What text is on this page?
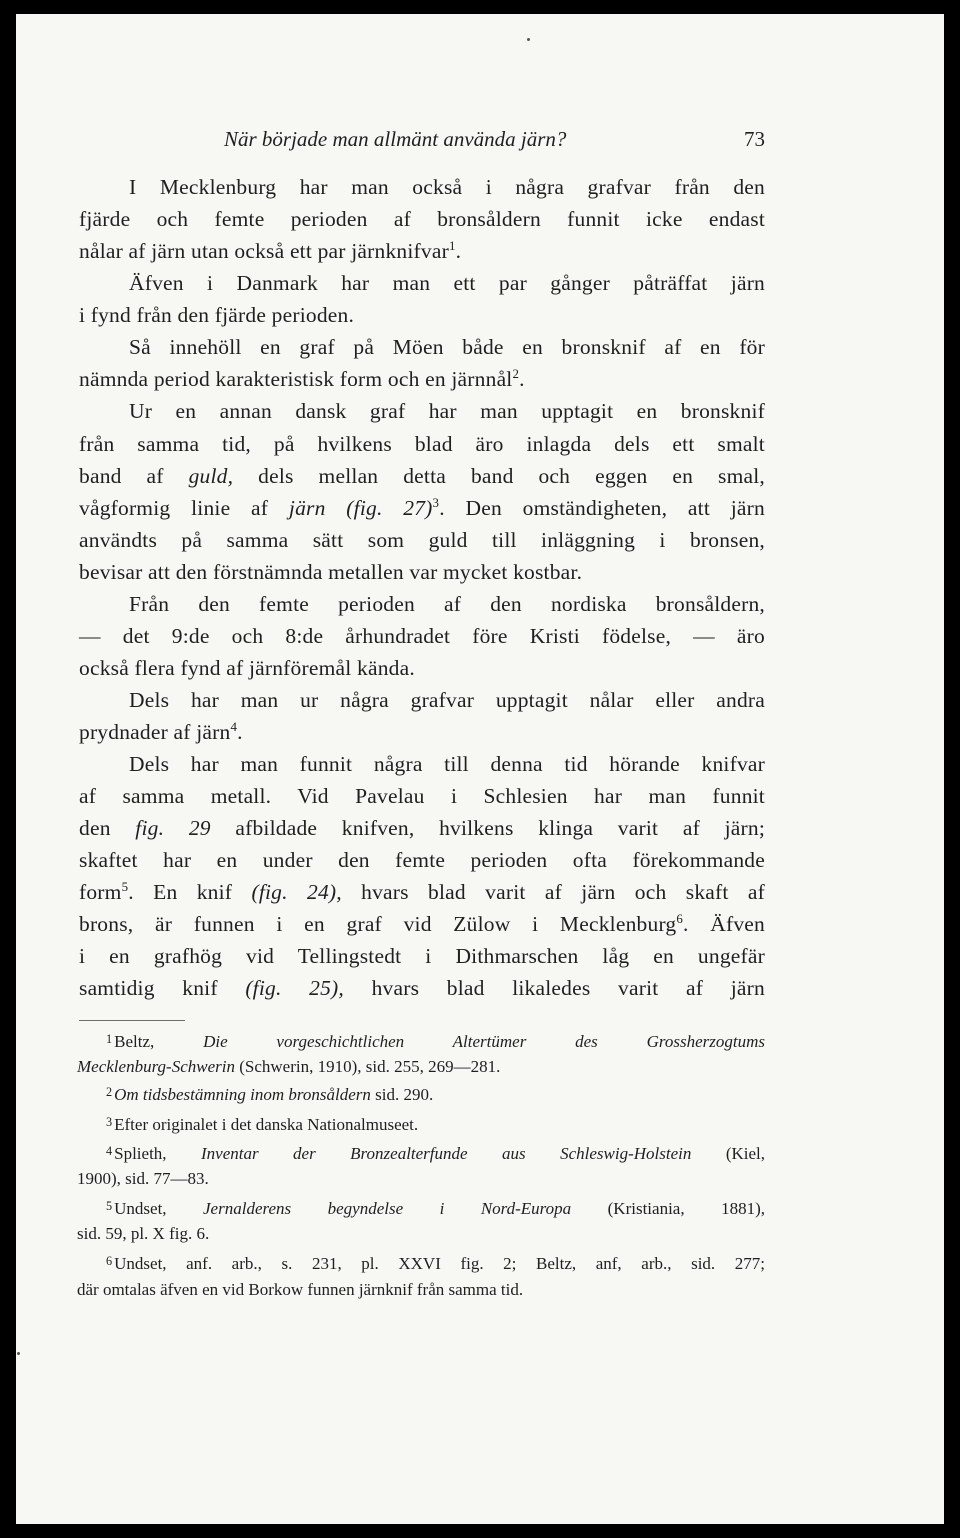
När började man allmänt använda järn?	73
I Mecklenburg har man också i några grafvar från den
fjärde och femte perioden af bronsåldern funnit icke endast
nålar af järn utan också ett par järnknifvar$^1$.
Äfven i Danmark har man ett par gånger påträffat järn
i fynd från den fjärde perioden.
Så innehöll en graf på Möen både en bronsknif af en för
nämnda period karakteristisk form och en järnnål$^2$.
Ur en annan dansk graf har man upptagit en bronsknif
från samma tid, på hvilkens blad äro inlagda dels ett smalt
band af guld, dels mellan detta band och eggen en smal,
vågformig linie af järn (fig. 27)$^3$. Den omständigheten, att järn
användts på samma sätt som guld till inläggning i bronsen,
bevisar att den förstnämnda metallen var mycket kostbar.
Från den femte perioden af den nordiska bronsåldern,
— det 9:de och 8:de århundradet före Kristi födelse, — äro
också flera fynd af järnföremål kända.
Dels har man ur några grafvar upptagit nålar eller andra
prydnader af järn$^4$.
Dels har man funnit några till denna tid hörande knifvar
af samma metall. Vid Pavelau i Schlesien har man funnit
den fig. 29 afbildade knifven, hvilkens klinga varit af järn;
skaftet har en under den femte perioden ofta förekommande
form$^5$. En knif (fig. 24), hvars blad varit af järn och skaft af
brons, är funnen i en graf vid Zülow i Mecklenburg$^6$. Äfven
i en grafhög vid Tellingstedt i Dithmarschen låg en ungefär
samtidig knif (fig. 25), hvars blad likaledes varit af järn
$^1$ Beltz, Die vorgeschichtlichen Altertümer des Grossherzogtums
Mecklenburg-Schwerin (Schwerin, 1910), sid. 255, 269—281.
$^2$ Om tidsbestämning inom bronsåldern sid. 290.
$^3$ Efter originalet i det danska Nationalmuseet.
$^4$ Splieth, Inventar der Bronzealterfunde aus Schleswig-Holstein (Kiel,
1900), sid. 77—83.
$^5$ Undset, Jernalderens begyndelse i Nord-Europa (Kristiania, 1881),
sid. 59, pl. X fig. 6.
$^6$ Undset, anf. arb., s. 231, pl. XXVI fig. 2; Beltz, anf, arb., sid. 277;
där omtalas äfven en vid Borkow funnen järnknif från samma tid.
